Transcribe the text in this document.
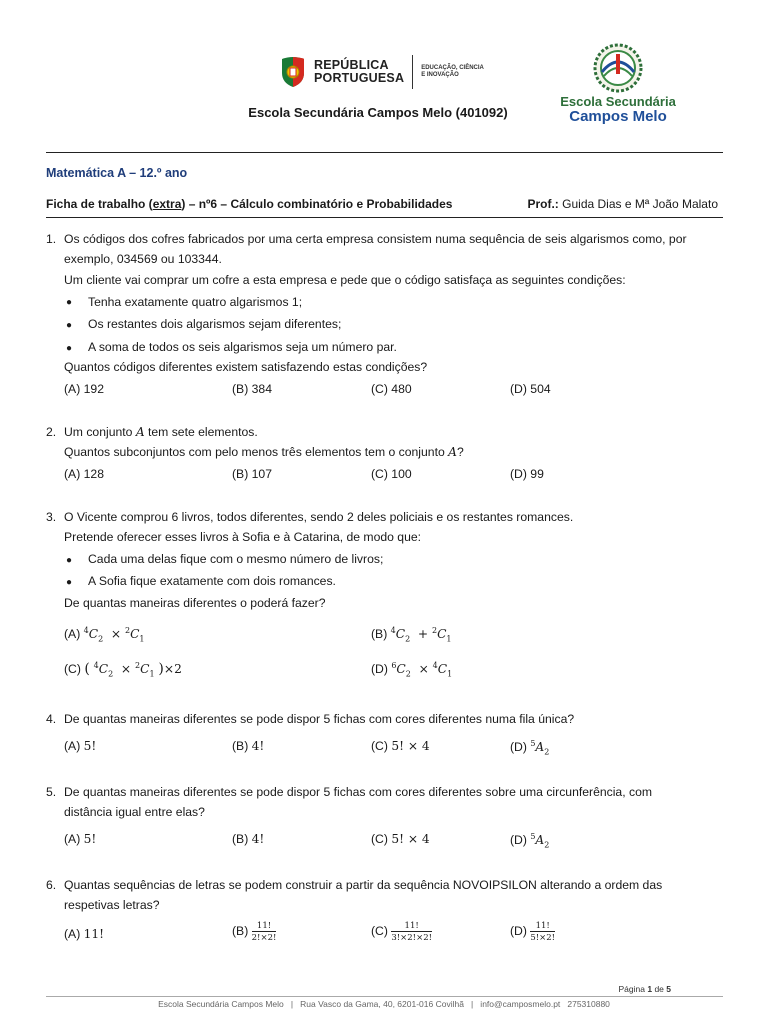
REPÚBLICA
PORTUGUESA
EDUCAÇÃO, CIÊNCIA
E INOVAÇÃO
Escola Secundária Campos Melo (401092)
Escola Secundária
Campos Melo
Matemática A – 12.º ano
Ficha de trabalho (extra) – nº6 – Cálculo combinatório e Probabilidades	Prof.: Guida Dias e Mª João Malato
1. Os códigos dos cofres fabricados por uma certa empresa consistem numa sequência de seis algarismos como, por
exemplo, 034569 ou 103344.
Um cliente vai comprar um cofre a esta empresa e pede que o código satisfaça as seguintes condições:
● Tenha exatamente quatro algarismos 1;
● Os restantes dois algarismos sejam diferentes;
● A soma de todos os seis algarismos seja um número par.
Quantos códigos diferentes existem satisfazendo estas condições?
(A) 192	(B) 384	(C) 480	(D) 504
2. Um conjunto A tem sete elementos.
Quantos subconjuntos com pelo menos três elementos tem o conjunto A?
(A) 128	(B) 107	(C) 100	(D) 99
3. O Vicente comprou 6 livros, todos diferentes, sendo 2 deles policiais e os restantes romances.
Pretende oferecer esses livros à Sofia e à Catarina, de modo que:
● Cada uma delas fique com o mesmo número de livros;
● A Sofia fique exatamente com dois romances.
De quantas maneiras diferentes o poderá fazer?
(A) $^4C_2 \times ^2C_1$	(B) $^4C_2 + ^2C_1$
(C) ( $^4C_2 \times ^2C_1$ )×2	(D) $^6C_2 \times ^4C_1$
4. De quantas maneiras diferentes se pode dispor 5 fichas com cores diferentes numa fila única?
(A) 5!	(B) 4!	(C) 5! × 4	(D) $^5A_2$
5. De quantas maneiras diferentes se pode dispor 5 fichas com cores diferentes sobre uma circunferência, com
distância igual entre elas?
(A) 5!	(B) 4!	(C) 5! × 4	(D) $^5A_2$
6. Quantas sequências de letras se podem construir a partir da sequência NOVOIPSILON alterando a ordem das
respetivas letras?
(A) 11!	$(B) \frac{11!}{2!\times 2!}$	$(C) \frac{11!}{3!\times 2!\times 2!}$	$(D) \frac{11!}{5!\times 2!}$
Página 1 de 5
Escola Secundária Campos Melo   |   Rua Vasco da Gama, 40, 6201-016 Covilhã   |   info@camposmelo.pt   275310880
